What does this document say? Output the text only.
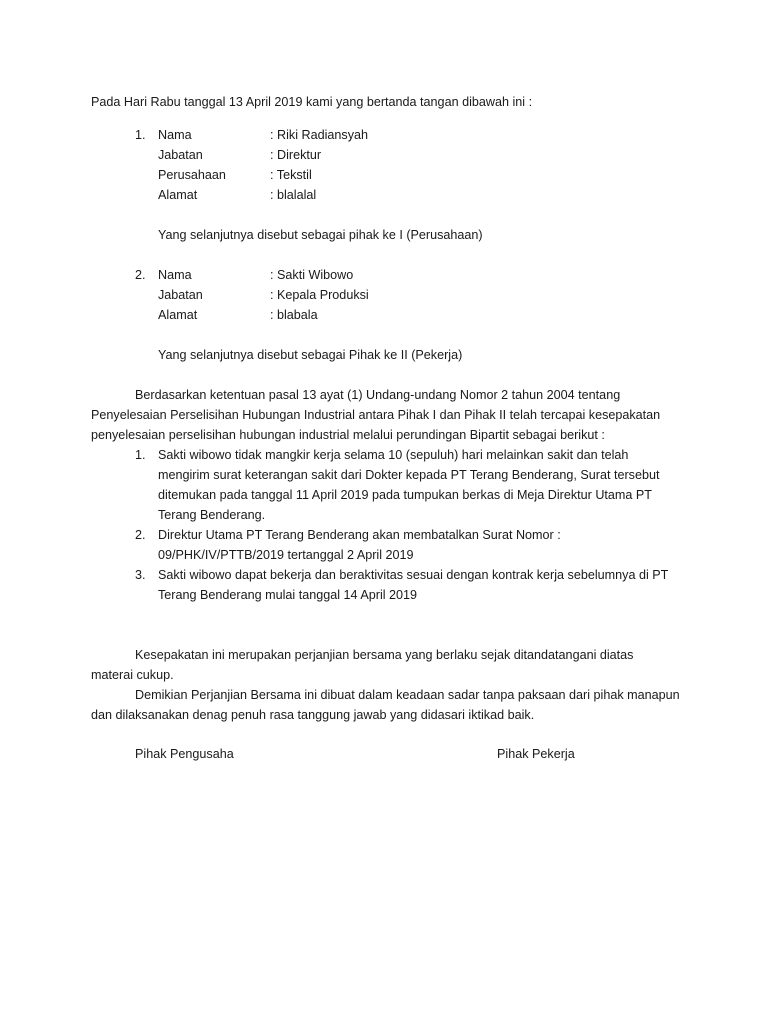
Pada Hari Rabu tanggal 13 April 2019 kami yang bertanda tangan dibawah ini :
1. Nama	: Riki Radiansyah
Jabatan	: Direktur
Perusahaan	: Tekstil
Alamat	: blalalal
Yang selanjutnya disebut sebagai pihak ke I (Perusahaan)
2. Nama	: Sakti Wibowo
Jabatan	: Kepala Produksi
Alamat	: blabala
Yang selanjutnya disebut sebagai Pihak ke II (Pekerja)
Berdasarkan ketentuan pasal 13 ayat (1) Undang-undang Nomor 2 tahun 2004 tentang
Penyelesaian Perselisihan Hubungan Industrial antara Pihak I dan Pihak II telah tercapai kesepakatan
penyelesaian perselisihan hubungan industrial melalui perundingan Bipartit sebagai berikut :
1. Sakti wibowo tidak mangkir kerja selama 10 (sepuluh) hari melainkan sakit dan telah
mengirim surat keterangan sakit dari Dokter kepada PT Terang Benderang, Surat tersebut
ditemukan pada tanggal 11 April 2019 pada tumpukan berkas di Meja Direktur Utama PT
Terang Benderang.
2. Direktur Utama PT Terang Benderang akan membatalkan Surat Nomor :
09/PHK/IV/PTTB/2019 tertanggal 2 April 2019
3. Sakti wibowo dapat bekerja dan beraktivitas sesuai dengan kontrak kerja sebelumnya di PT
Terang Benderang mulai tanggal 14 April 2019
Kesepakatan ini merupakan perjanjian bersama yang berlaku sejak ditandatangani diatas
materai cukup.
Demikian Perjanjian Bersama ini dibuat dalam keadaan sadar tanpa paksaan dari pihak manapun
dan dilaksanakan denag penuh rasa tanggung jawab yang didasari iktikad baik.
Pihak Pengusaha	Pihak Pekerja
